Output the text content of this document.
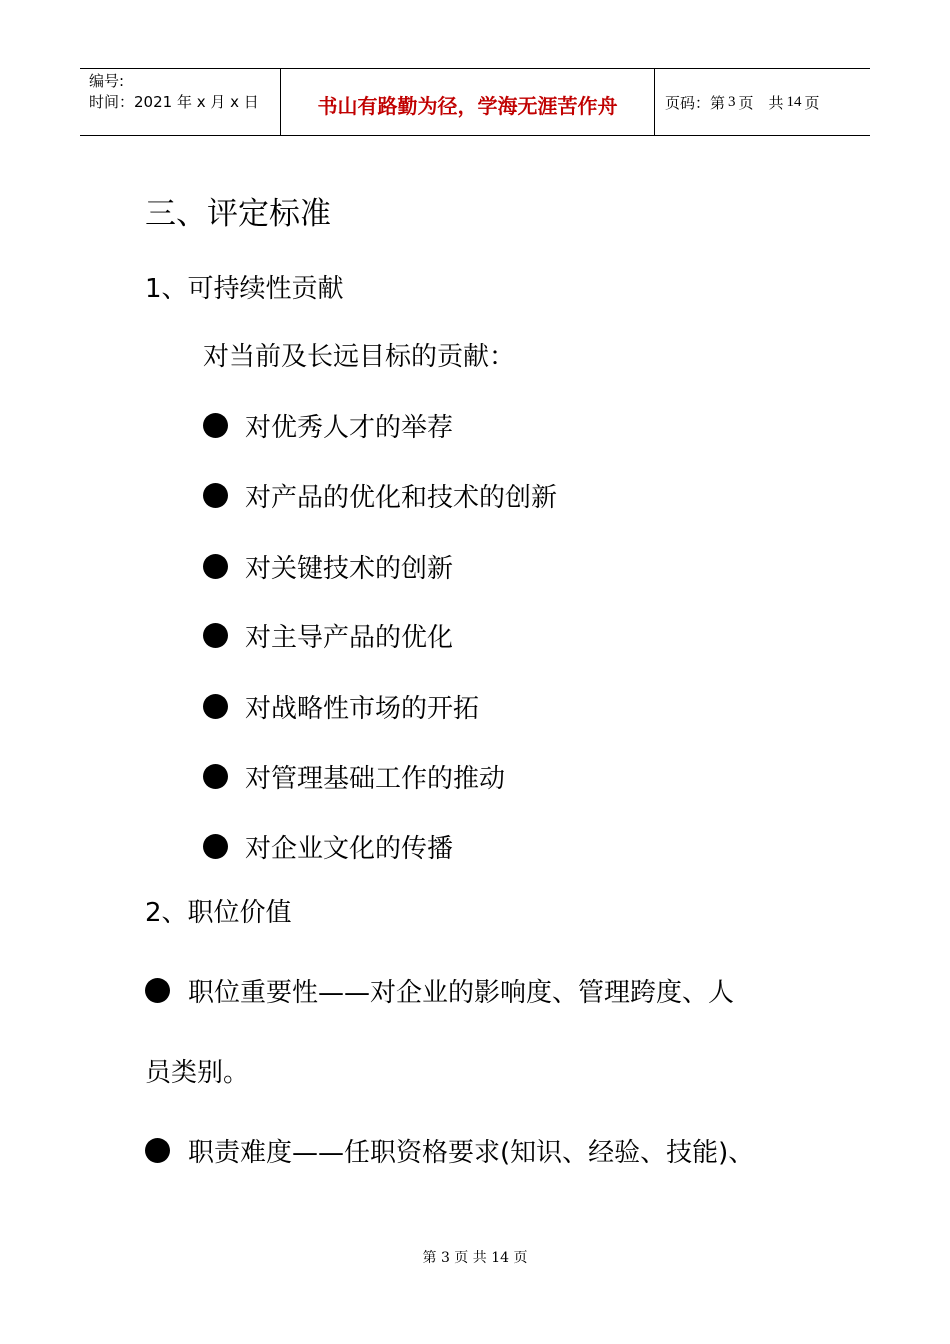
编号:
时间：2021 年 x 月 x 日	书山有路勤为径，学海无涯苦作舟	页码：第 3 页　共 14 页
三、评定标准
1、可持续性贡献
对当前及长远目标的贡献：
对优秀人才的举荐
对产品的优化和技术的创新
对关键技术的创新
对主导产品的优化
对战略性市场的开拓
对管理基础工作的推动
对企业文化的传播
2、职位价值
职位重要性——对企业的影响度、管理跨度、人
员类别。
职责难度——任职资格要求(知识、经验、技能)、
第 3 页 共 14 页
